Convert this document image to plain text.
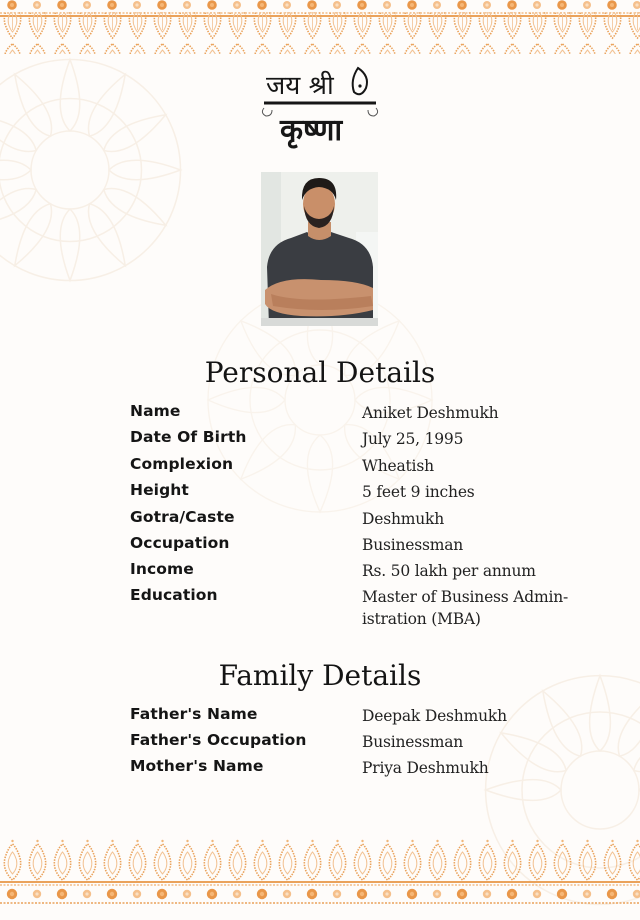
जय श्री
कृष्णा
Personal Details
Name	Aniket Deshmukh
Date Of Birth	July 25, 1995
Complexion	Wheatish
Height	5 feet 9 inches
Gotra/Caste	Deshmukh
Occupation	Businessman
Income	Rs. 50 lakh per annum
Education	Master of Business Admin-
istration (MBA)
Family Details
Father's Name	Deepak Deshmukh
Father's Occupation	Businessman
Mother's Name	Priya Deshmukh
